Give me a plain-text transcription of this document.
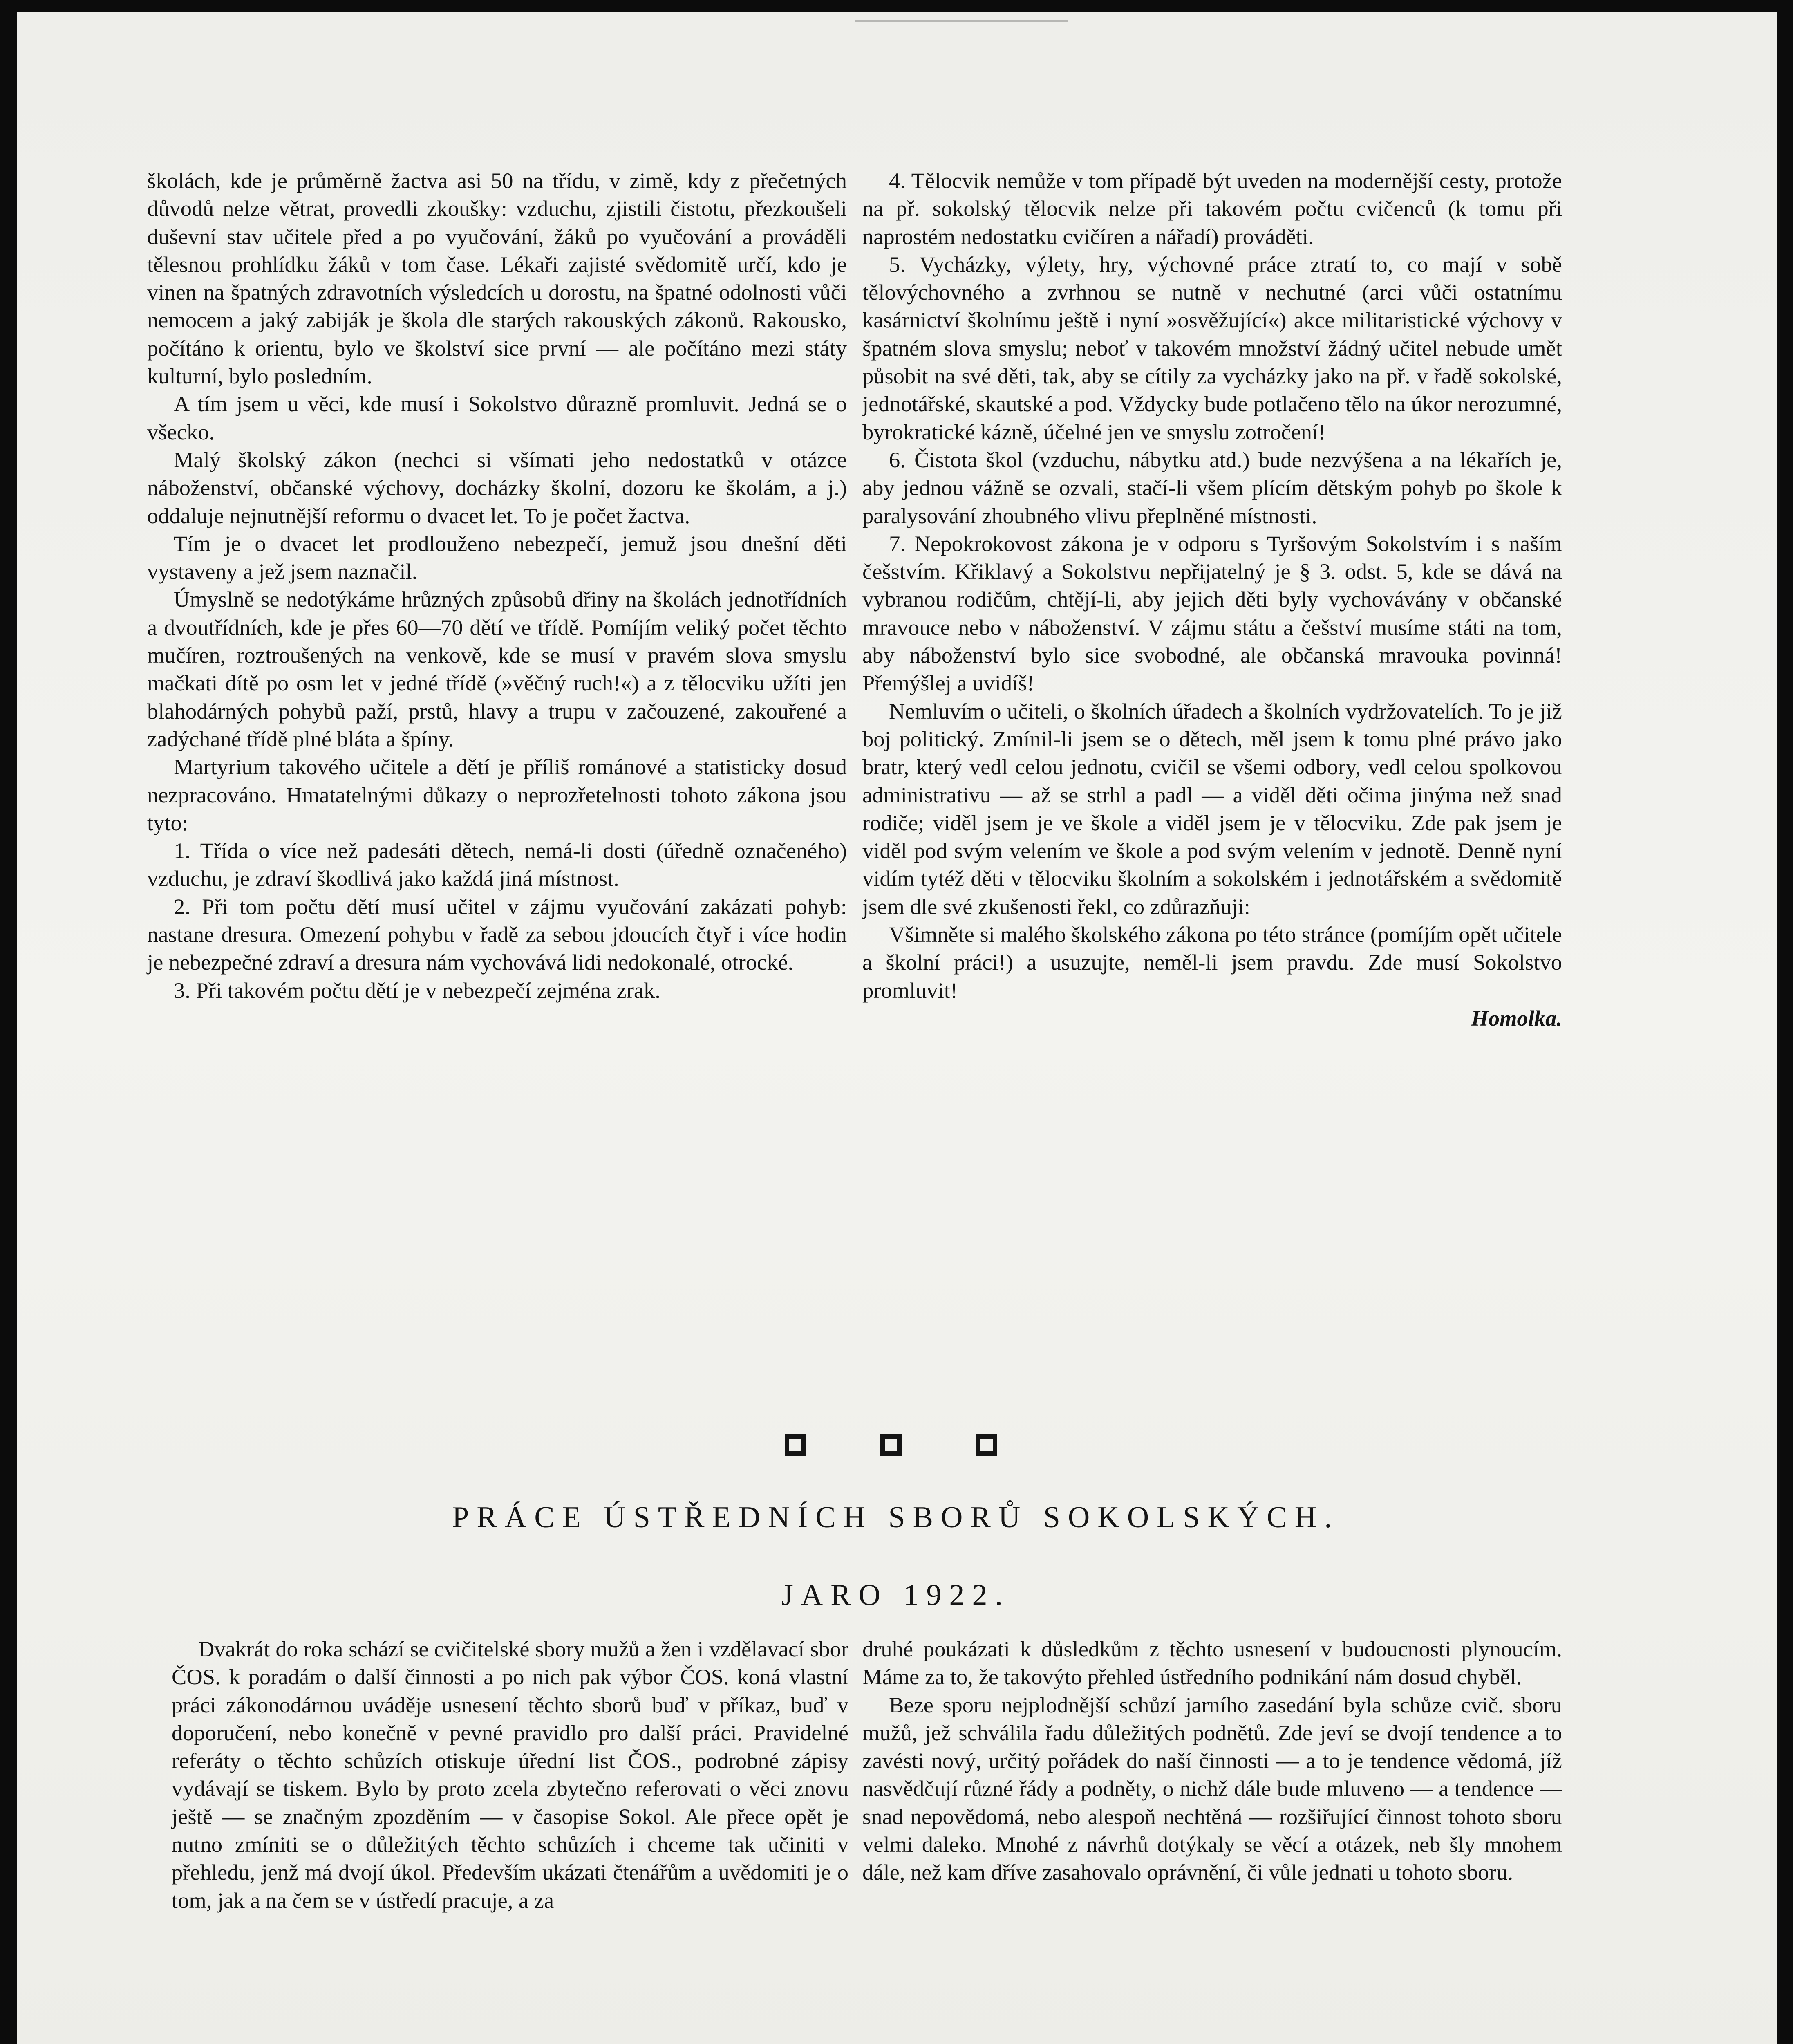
školách, kde je průměrně žactva asi 50 na třídu, v zimě, kdy z přečetných důvodů nelze větrat, provedli zkoušky: vzduchu, zjistili čistotu, přezkoušeli duševní stav učitele před a po vyučování, žáků po vyučování a prováděli tělesnou prohlídku žáků v tom čase. Lékaři zajisté svědomitě určí, kdo je vinen na špatných zdravotních výsledcích u dorostu, na špatné odolnosti vůči nemocem a jaký zabiják je škola dle starých rakouských zákonů. Rakousko, počítáno k orientu, bylo ve školství sice první — ale počítáno mezi státy kulturní, bylo posledním.

A tím jsem u věci, kde musí i Sokolstvo důrazně promluvit. Jedná se o všecko.

Malý školský zákon (nechci si všímati jeho nedostatků v otázce náboženství, občanské výchovy, docházky školní, dozoru ke školám, a j.) oddaluje nejnutnější reformu o dvacet let. To je počet žactva.

Tím je o dvacet let prodlouženo nebezpečí, jemuž jsou dnešní děti vystaveny a jež jsem naznačil.

Úmyslně se nedotýkáme hrůzných způsobů dřiny na školách jednotřídních a dvoutřídních, kde je přes 60—70 dětí ve třídě. Pomíjím veliký počet těchto mučíren, roztroušených na venkově, kde se musí v pravém slova smyslu mačkati dítě po osm let v jedné třídě (»věčný ruch!«) a z tělocviku užíti jen blahodárných pohybů paží, prstů, hlavy a trupu v začouzené, zakouřené a zadýchané třídě plné bláta a špíny.

Martyrium takového učitele a dětí je příliš románové a statisticky dosud nezpracováno. Hmatatelnými důkazy o neprozřetelnosti tohoto zákona jsou tyto:

1. Třída o více než padesáti dětech, nemá-li dosti (úředně označeného) vzduchu, je zdraví škodlivá jako každá jiná místnost.

2. Při tom počtu dětí musí učitel v zájmu vyučování zakázati pohyb: nastane dresura. Omezení pohybu v řadě za sebou jdoucích čtyř i více hodin je nebezpečné zdraví a dresura nám vychovává lidi nedokonalé, otrocké.

3. Při takovém počtu dětí je v nebezpečí zejména zrak.

4. Tělocvik nemůže v tom případě být uveden na modernější cesty, protože na př. sokolský tělocvik nelze při takovém počtu cvičenců (k tomu při naprostém nedostatku cvičíren a nářadí) prováděti.

5. Vycházky, výlety, hry, výchovné práce ztratí to, co mají v sobě tělovýchovného a zvrhnou se nutně v nechutné (arci vůči ostatnímu kasárnictví školnímu ještě i nyní »osvěžující«) akce militaristické výchovy v špatném slova smyslu; neboť v takovém množství žádný učitel nebude umět působit na své děti, tak, aby se cítily za vycházky jako na př. v řadě sokolské, jednotářské, skautské a pod. Vždycky bude potlačeno tělo na úkor nerozumné, byrokratické kázně, účelné jen ve smyslu zotročení!

6. Čistota škol (vzduchu, nábytku atd.) bude nezvýšena a na lékařích je, aby jednou vážně se ozvali, stačí-li všem plícím dětským pohyb po škole k paralysování zhoubného vlivu přeplněné místnosti.

7. Nepokrokovost zákona je v odporu s Tyršovým Sokolstvím i s naším češstvím. Křiklavý a Sokolstvu nepřijatelný je § 3. odst. 5, kde se dává na vybranou rodičům, chtějí-li, aby jejich děti byly vychovávány v občanské mravouce nebo v náboženství. V zájmu státu a češství musíme státi na tom, aby náboženství bylo sice svobodné, ale občanská mravouka povinná! Přemýšlej a uvidíš!

Nemluvím o učiteli, o školních úřadech a školních vydržovatelích. To je již boj politický. Zmínil-li jsem se o dětech, měl jsem k tomu plné právo jako bratr, který vedl celou jednotu, cvičil se všemi odbory, vedl celou spolkovou administrativu — až se strhl a padl — a viděl děti očima jinýma než snad rodiče; viděl jsem je ve škole a viděl jsem je v tělocviku. Zde pak jsem je viděl pod svým velením ve škole a pod svým velením v jednotě. Denně nyní vidím tytéž děti v tělocviku školním a sokolském i jednotářském a svědomitě jsem dle své zkušenosti řekl, co zdůrazňuji:

Všimněte si malého školského zákona po této stránce (pomíjím opět učitele a školní práci!) a usuzujte, neměl-li jsem pravdu. Zde musí Sokolstvo promluvit!

Homolka.

PRÁCE ÚSTŘEDNÍCH SBORŮ SOKOLSKÝCH.
JARO 1922.

Dvakrát do roka schází se cvičitelské sbory mužů a žen i vzdělavací sbor ČOS. k poradám o další činnosti a po nich pak výbor ČOS. koná vlastní práci zákonodárnou uváděje usnesení těchto sborů buď v příkaz, buď v doporučení, nebo konečně v pevné pravidlo pro další práci. Pravidelné referáty o těchto schůzích otiskuje úřední list ČOS., podrobné zápisy vydávají se tiskem. Bylo by proto zcela zbytečno referovati o věci znovu ještě — se značným zpozděním — v časopise Sokol. Ale přece opět je nutno zmíniti se o důležitých těchto schůzích i chceme tak učiniti v přehledu, jenž má dvojí úkol. Především ukázati čtenářům a uvědomiti je o tom, jak a na čem se v ústředí pracuje, a za

druhé poukázati k důsledkům z těchto usnesení v budoucnosti plynoucím. Máme za to, že takovýto přehled ústředního podnikání nám dosud chyběl.

Beze sporu nejplodnější schůzí jarního zasedání byla schůze cvič. sboru mužů, jež schválila řadu důležitých podnětů. Zde jeví se dvojí tendence a to zavésti nový, určitý pořádek do naší činnosti — a to je tendence vědomá, jíž nasvědčují různé řády a podněty, o nichž dále bude mluveno — a tendence — snad nepovědomá, nebo alespoň nechtěná — rozšiřující činnost tohoto sboru velmi daleko. Mnohé z návrhů dotýkaly se věcí a otázek, neb šly mnohem dále, než kam dříve zasahovalo oprávnění, či vůle jednati u tohoto sboru.
